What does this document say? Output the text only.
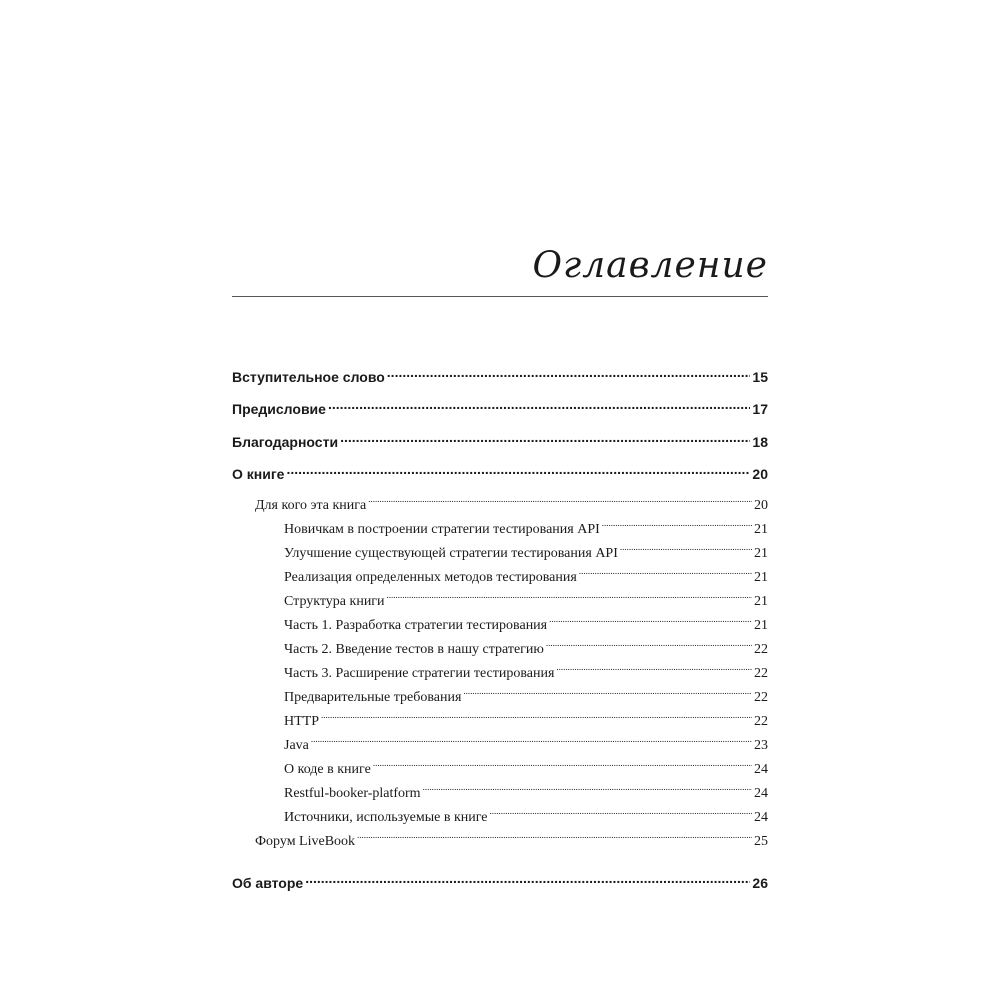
Оглавление
Вступительное слово .....	15
Предисловие .....	17
Благодарности .....	18
О книге .....	20
Для кого эта книга .....	20
Новичкам в построении стратегии тестирования API .....	21
Улучшение существующей стратегии тестирования API .....	21
Реализация определенных методов тестирования .....	21
Структура книги .....	21
Часть 1. Разработка стратегии тестирования .....	21
Часть 2. Введение тестов в нашу стратегию .....	22
Часть 3. Расширение стратегии тестирования .....	22
Предварительные требования .....	22
HTTP .....	22
Java .....	23
О коде в книге .....	24
Restful-booker-platform .....	24
Источники, используемые в книге .....	24
Форум LiveBook .....	25
Об авторе .....	26
